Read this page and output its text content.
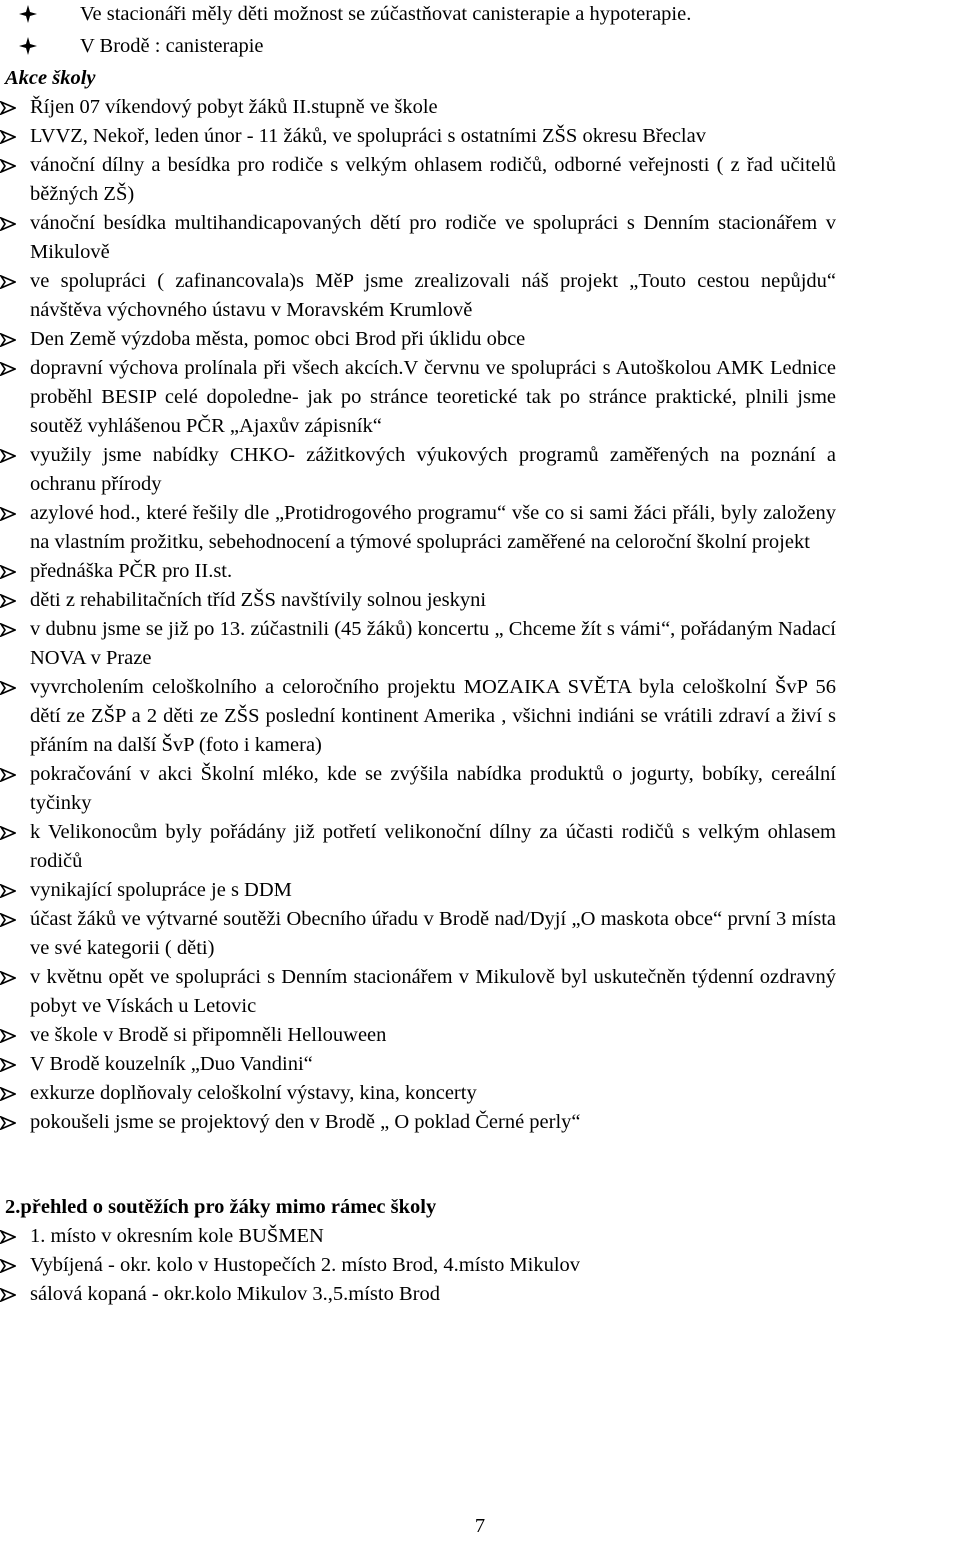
Ve stacionáři měly děti možnost se zúčastňovat canisterapie a hypoterapie.
V Brodě : canisterapie
Akce školy
Říjen 07 víkendový pobyt žáků II.stupně ve škole
LVVZ, Nekoř, leden únor - 11 žáků, ve spolupráci s ostatními ZŠS okresu Břeclav
vánoční dílny a besídka pro rodiče s velkým ohlasem rodičů, odborné veřejnosti ( z řad učitelů běžných ZŠ)
vánoční besídka multihandicapovaných dětí pro rodiče ve spolupráci s Denním stacionářem v Mikulově
ve spolupráci ( zafinancovala)s MěP jsme zrealizovali náš projekt „Touto cestou nepůjdu“ návštěva výchovného ústavu v Moravském Krumlově
Den Země výzdoba města, pomoc obci Brod při úklidu obce
dopravní výchova prolínala při všech akcích.V červnu ve spolupráci s Autoškolou AMK Lednice proběhl BESIP celé dopoledne- jak po stránce teoretické tak po stránce praktické, plnili jsme soutěž vyhlášenou PČR „Ajaxův zápisník“
využily jsme nabídky CHKO- zážitkových výukových programů zaměřených na poznání a ochranu přírody
azylové hod., které řešily dle „Protidrogového programu“ vše co si sami žáci přáli, byly založeny na vlastním prožitku, sebehodnocení a týmové spolupráci zaměřené na celoroční školní projekt
přednáška PČR pro II.st.
děti z rehabilitačních tříd ZŠS navštívily solnou jeskyni
v dubnu jsme se již po 13. zúčastnili (45 žáků) koncertu „ Chceme žít s vámi“, pořádaným Nadací NOVA v Praze
vyvrcholením celoškolního a celoročního projektu MOZAIKA SVĚTA byla celoškolní ŠvP 56 dětí ze ZŠP a 2 děti ze ZŠS poslední kontinent Amerika , všichni indiáni se vrátili zdraví a živí s přáním na další ŠvP (foto i kamera)
pokračování v akci Školní mléko, kde se zvýšila nabídka produktů o jogurty, bobíky, cereální tyčinky
k Velikonocům byly pořádány již potřetí velikonoční dílny za účasti rodičů s velkým ohlasem rodičů
vynikající spolupráce je s DDM
účast žáků ve výtvarné soutěži Obecního úřadu v Brodě nad/Dyjí „O maskota obce“ první 3 místa ve své kategorii ( děti)
v květnu opět ve spolupráci s Denním stacionářem v Mikulově byl uskutečněn týdenní ozdravný pobyt ve Vískách u Letovic
ve škole v Brodě si připomněli Hellouween
V Brodě kouzelník „Duo Vandini“
exkurze doplňovaly celoškolní výstavy, kina, koncerty
pokoušeli jsme se projektový den v Brodě „ O poklad Černé perly“
2.přehled o soutěžích pro žáky mimo rámec školy
1. místo v okresním kole BUŠMEN
Vybíjená - okr. kolo v Hustopečích 2. místo Brod, 4.místo Mikulov
sálová kopaná - okr.kolo Mikulov 3.,5.místo Brod
7
